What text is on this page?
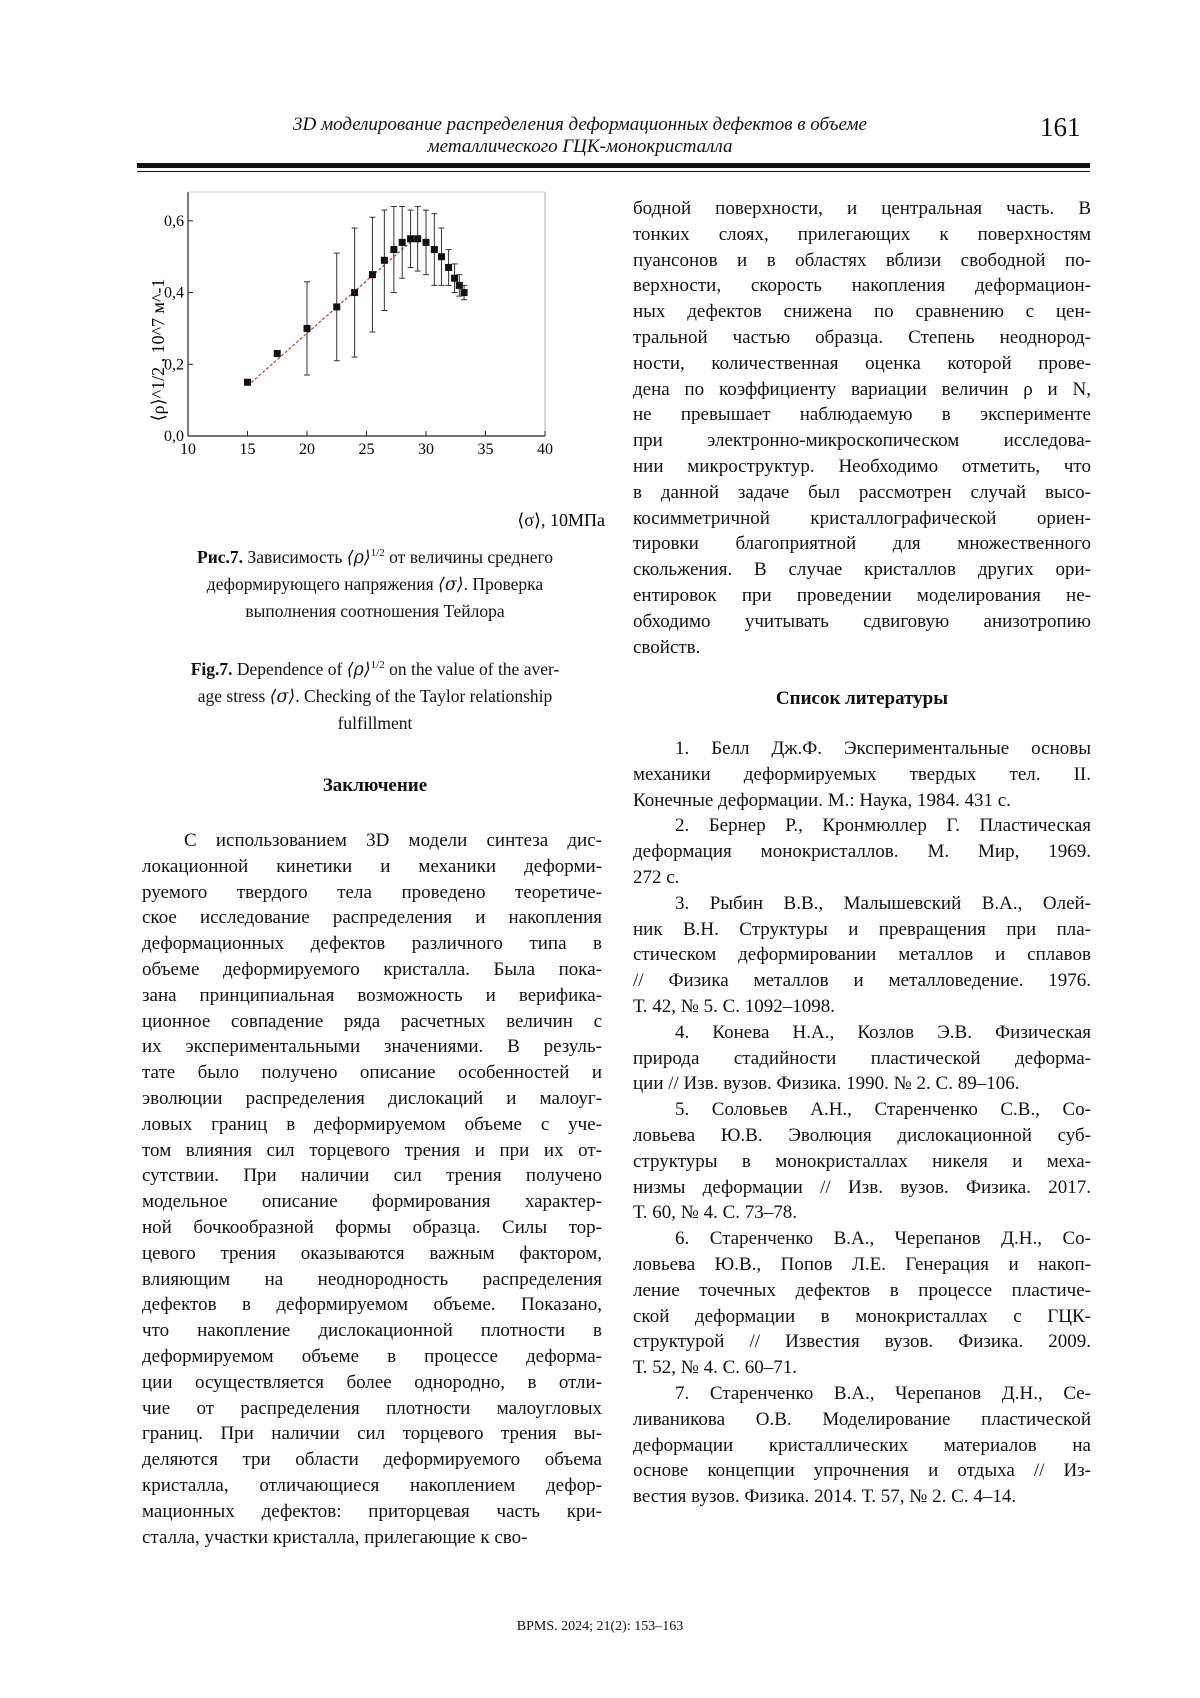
3D моделирование распределения деформационных дефектов в объеме
металлического ГЦК-монокристалла
161
10	15	20	25	30	35	40
0,0
0,2
0,4
0,6
⟨σ⟩, 10МПа
⟨ρ⟩^1/2 , 10^7 м^-1
Рис.7. Зависимость ⟨ρ⟩$^{1/2}$ от величины среднего
деформирующего напряжения ⟨σ⟩. Проверка
выполнения соотношения Тейлора
Fig.7. Dependence of ⟨ρ⟩$^{1/2}$ on the value of the aver-
age stress ⟨σ⟩. Checking of the Taylor relationship
fulfillment
Заключение
С использованием 3D модели синтеза дис-
локационной кинетики и механики деформи-
руемого твердого тела проведено теоретиче-
ское исследование распределения и накопления
деформационных дефектов различного типа в
объеме деформируемого кристалла. Была пока-
зана принципиальная возможность и верифика-
ционное совпадение ряда расчетных величин с
их экспериментальными значениями. В резуль-
тате было получено описание особенностей и
эволюции распределения дислокаций и малоуг-
ловых границ в деформируемом объеме с уче-
том влияния сил торцевого трения и при их от-
сутствии. При наличии сил трения получено
модельное описание формирования характер-
ной бочкообразной формы образца. Силы тор-
цевого трения оказываются важным фактором,
влияющим на неоднородность распределения
дефектов в деформируемом объеме. Показано,
что накопление дислокационной плотности в
деформируемом объеме в процессе деформа-
ции осуществляется более однородно, в отли-
чие от распределения плотности малоугловых
границ. При наличии сил торцевого трения вы-
деляются три области деформируемого объема
кристалла, отличающиеся накоплением дефор-
мационных дефектов: приторцевая часть кри-
сталла, участки кристалла, прилегающие к сво-
бодной поверхности, и центральная часть. В
тонких слоях, прилегающих к поверхностям
пуансонов и в областях вблизи свободной по-
верхности, скорость накопления деформацион-
ных дефектов снижена по сравнению с цен-
тральной частью образца. Степень неоднород-
ности, количественная оценка которой прове-
дена по коэффициенту вариации величин ρ и N,
не превышает наблюдаемую в эксперименте
при электронно-микроскопическом исследова-
нии микроструктур. Необходимо отметить, что
в данной задаче был рассмотрен случай высо-
косимметричной кристаллографической ориен-
тировки благоприятной для множественного
скольжения. В случае кристаллов других ори-
ентировок при проведении моделирования не-
обходимо учитывать сдвиговую анизотропию
свойств.
Список литературы
1. Белл Дж.Ф. Экспериментальные основы
механики деформируемых твердых тел. II.
Конечные деформации. М.: Наука, 1984. 431 с.
2. Бернер Р., Кронмюллер Г. Пластическая
деформация монокристаллов. М. Мир, 1969.
272 с.
3. Рыбин В.В., Малышевский В.А., Олей-
ник В.Н. Структуры и превращения при пла-
стическом деформировании металлов и сплавов
// Физика металлов и металловедение. 1976.
Т. 42, № 5. С. 1092–1098.
4. Конева Н.А., Козлов Э.В. Физическая
природа стадийности пластической деформа-
ции // Изв. вузов. Физика. 1990. № 2. С. 89–106.
5. Соловьев А.Н., Старенченко С.В., Со-
ловьева Ю.В. Эволюция дислокационной суб-
структуры в монокристаллах никеля и меха-
низмы деформации // Изв. вузов. Физика. 2017.
Т. 60, № 4. С. 73–78.
6. Старенченко В.А., Черепанов Д.Н., Со-
ловьева Ю.В., Попов Л.Е. Генерация и накоп-
ление точечных дефектов в процессе пластиче-
ской деформации в монокристаллах с ГЦК-
структурой // Известия вузов. Физика. 2009.
Т. 52, № 4. С. 60–71.
7. Старенченко В.А., Черепанов Д.Н., Се-
ливаникова О.В. Моделирование пластической
деформации кристаллических материалов на
основе концепции упрочнения и отдыха // Из-
вестия вузов. Физика. 2014. Т. 57, № 2. С. 4–14.
BPMS. 2024; 21(2): 153–163
